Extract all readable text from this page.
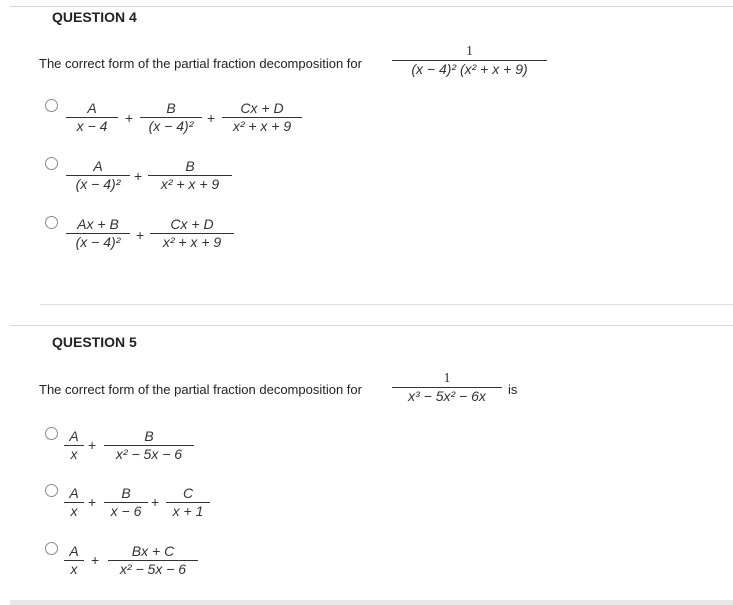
QUESTION 4
The correct form of the partial fraction decomposition for
1
(x − 4)² (x² + x + 9)
A
x − 4 +
B
(x − 4)² +
Cx + D
x² + x + 9
A
(x − 4)² +
B
x² + x + 9
Ax + B
(x − 4)² +
Cx + D
x² + x + 9
QUESTION 5
The correct form of the partial fraction decomposition for
1
x³ − 5x² − 6x is
A
x
+
B
x² − 5x − 6
A
x
+
B
x − 6
+
C
x + 1
A
x
+
Bx + C
x² − 5x − 6
